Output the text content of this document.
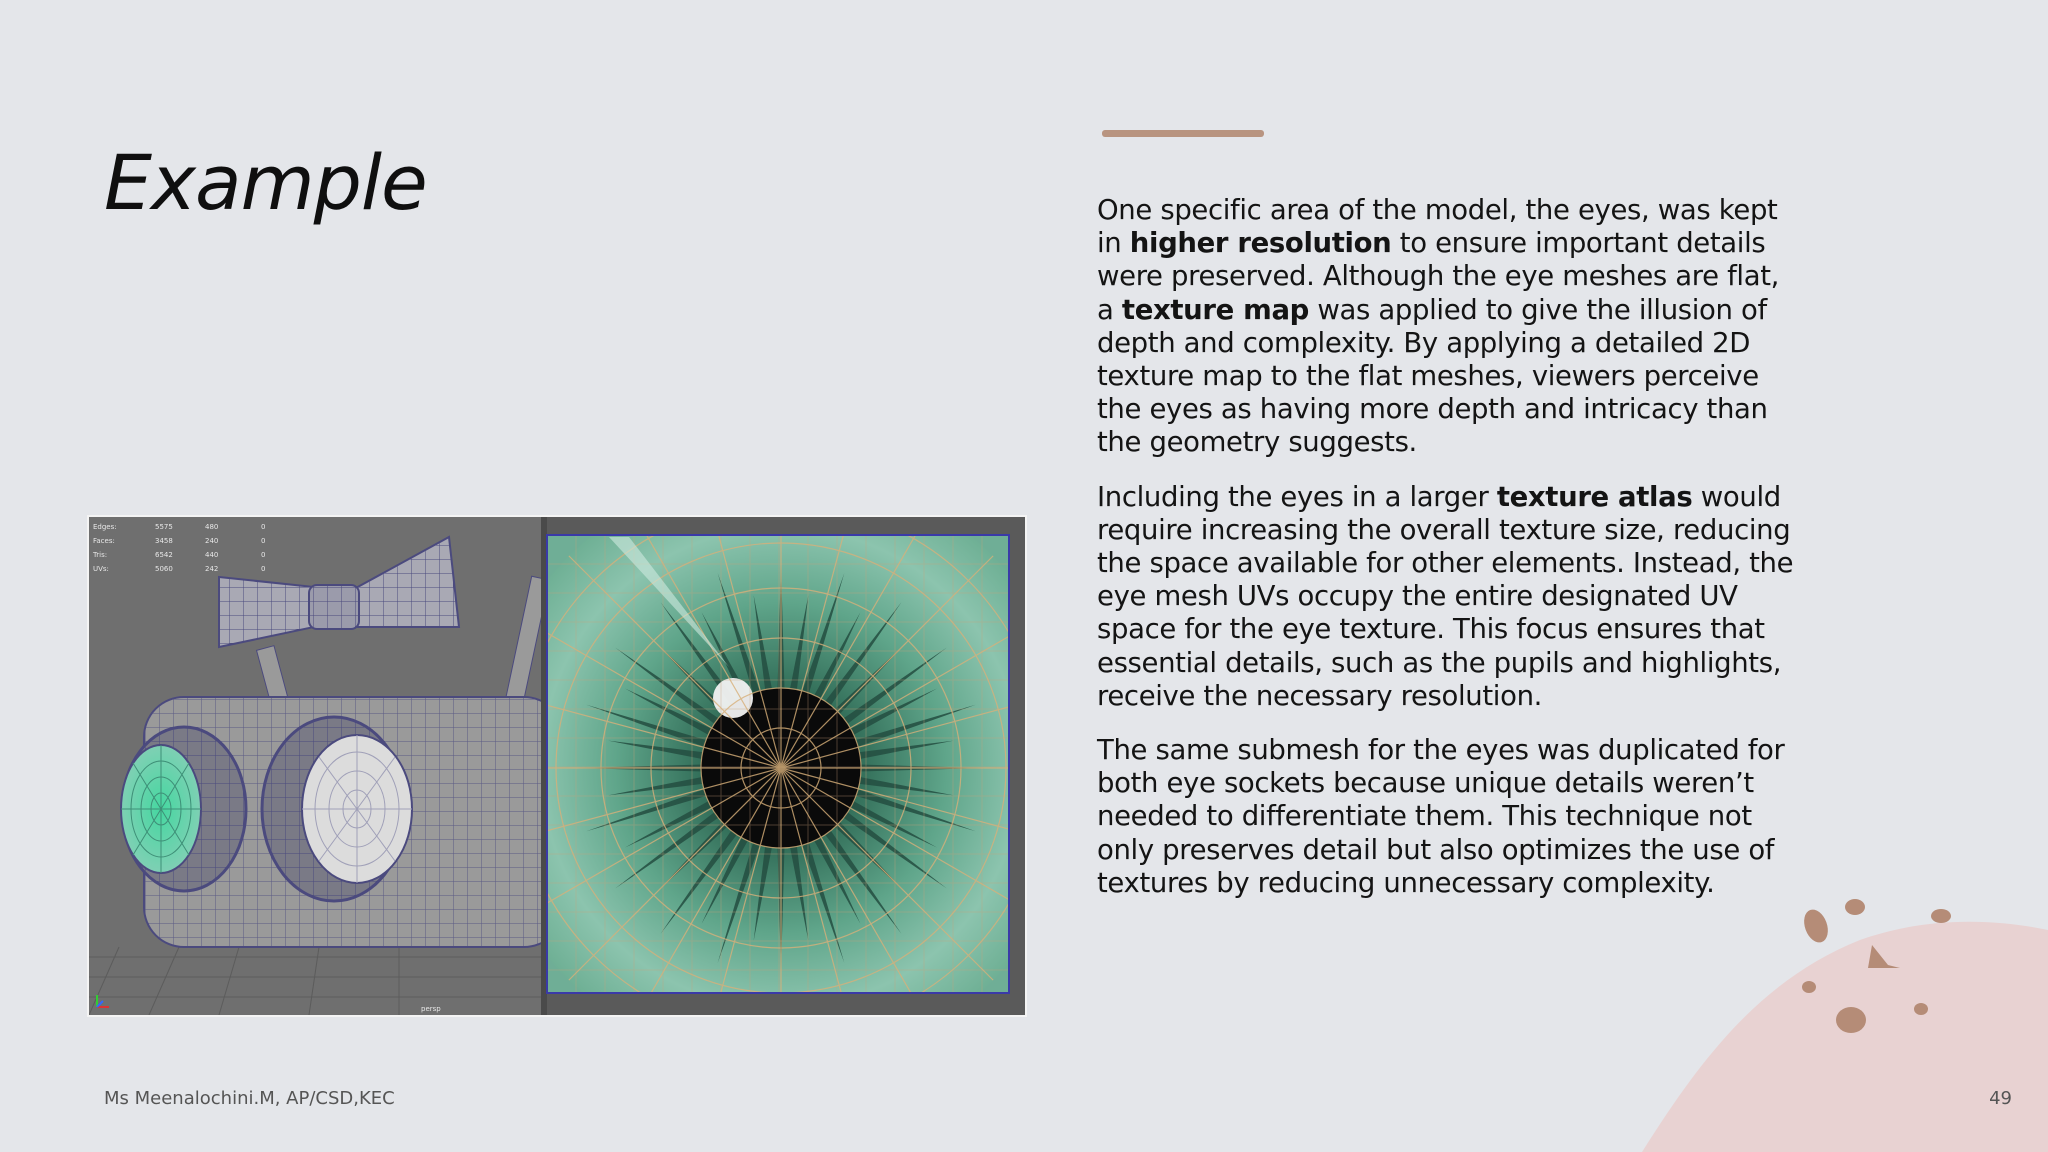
Example	One specific area of the model, the eyes, was kept in higher resolution to ensure important details were preserved. Although the eye meshes are flat, a texture map was applied to give the illusion of depth and complexity. By applying a detailed 2D texture map to the flat meshes, viewers perceive the eyes as having more depth and intricacy than the geometry suggests.

Including the eyes in a larger texture atlas would require increasing the overall texture size, reducing the space available for other elements. Instead, the eye mesh UVs occupy the entire designated UV space for the eye texture. This focus ensures that essential details, such as the pupils and highlights, receive the necessary resolution.

The same submesh for the eyes was duplicated for both eye sockets because unique details weren’t needed to differentiate them. This technique not only preserves detail but also optimizes the use of textures by reducing unnecessary complexity.

Edges:	5575	480	0
Faces:	3458	240	0
Tris:	6542	440	0
UVs:	5060	242	0
persp
Ms Meenalochini.M, AP/CSD,KEC	49
